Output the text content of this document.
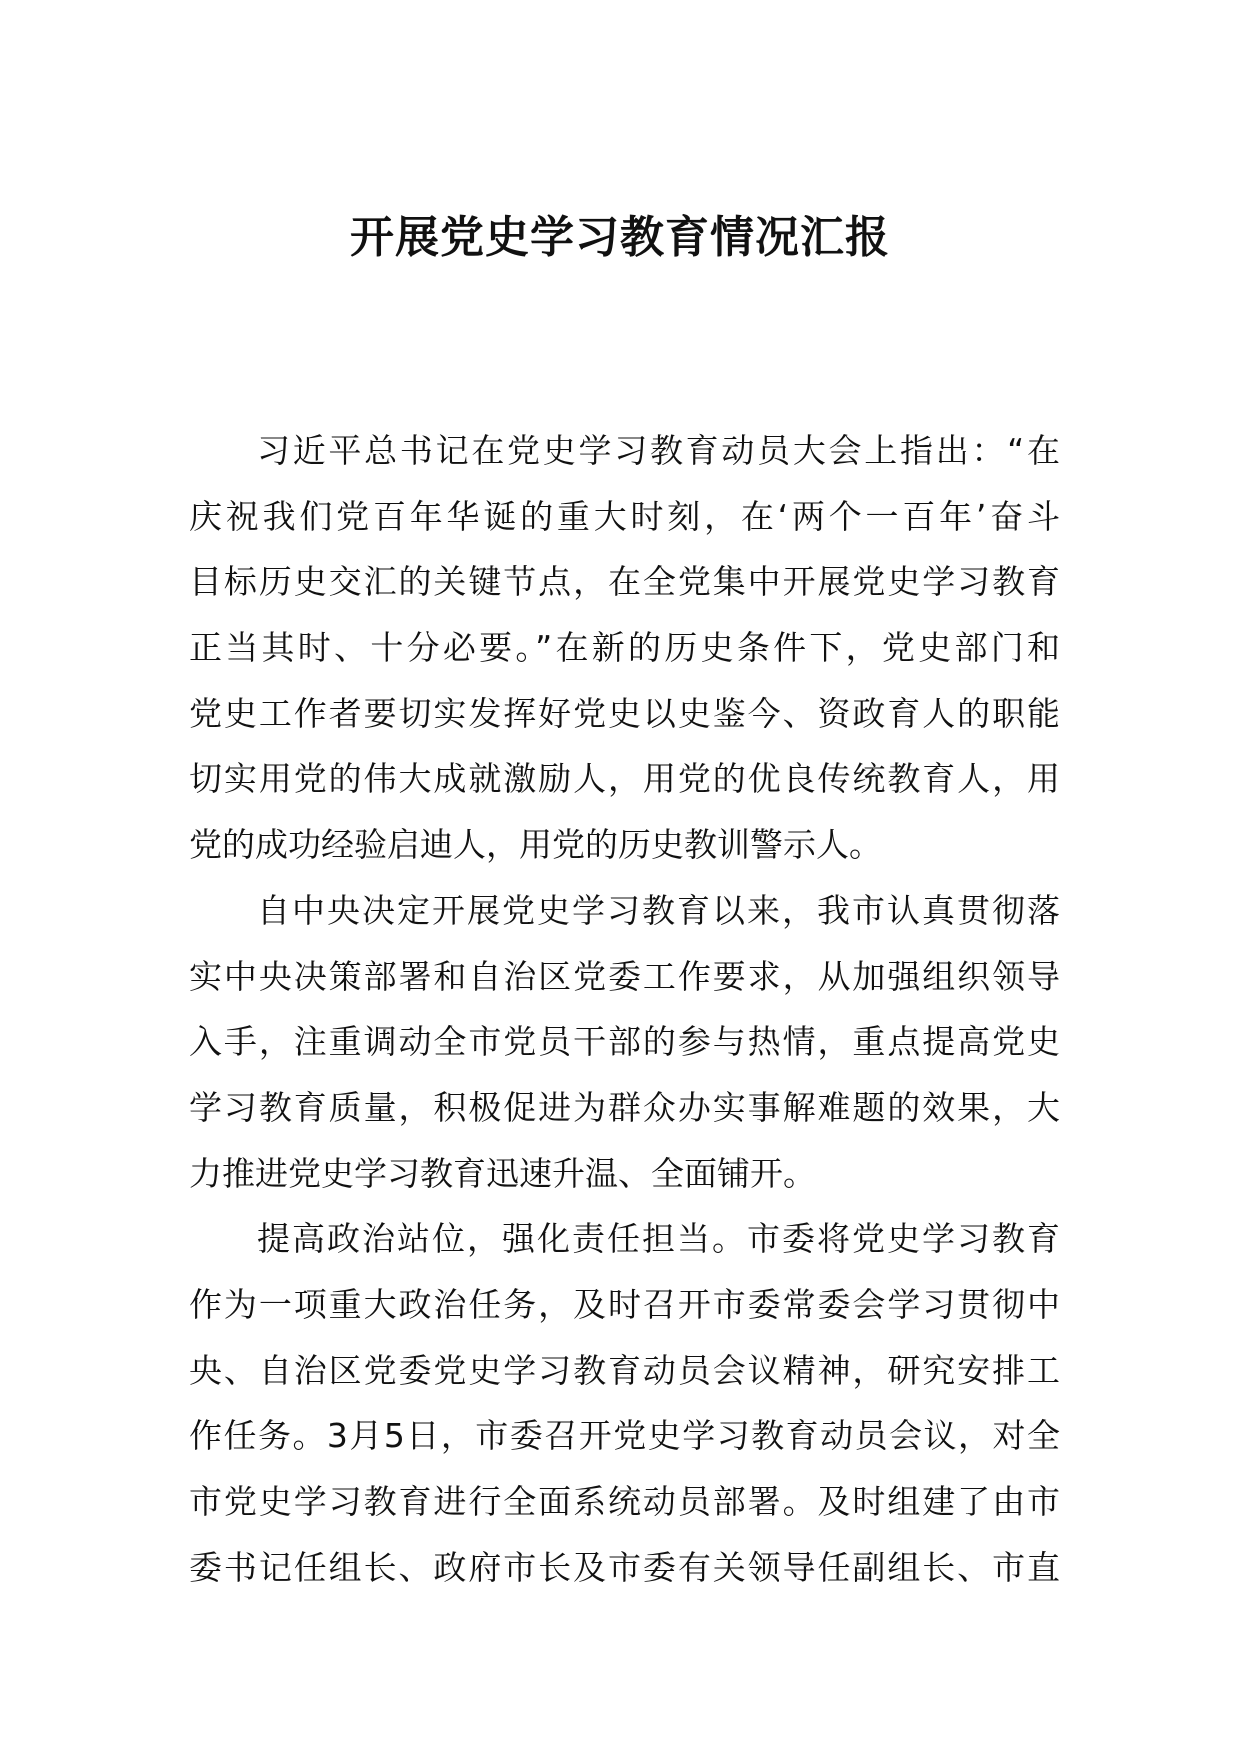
开展党史学习教育情况汇报
习近平总书记在党史学习教育动员大会上指出：“在
庆祝我们党百年华诞的重大时刻，在‘两个一百年’奋斗
目标历史交汇的关键节点，在全党集中开展党史学习教育
正当其时、十分必要。”在新的历史条件下，党史部门和
党史工作者要切实发挥好党史以史鉴今、资政育人的职能
切实用党的伟大成就激励人，用党的优良传统教育人，用
党的成功经验启迪人，用党的历史教训警示人。
自中央决定开展党史学习教育以来，我市认真贯彻落
实中央决策部署和自治区党委工作要求，从加强组织领导
入手，注重调动全市党员干部的参与热情，重点提高党史
学习教育质量，积极促进为群众办实事解难题的效果，大
力推进党史学习教育迅速升温、全面铺开。
提高政治站位，强化责任担当。市委将党史学习教育
作为一项重大政治任务，及时召开市委常委会学习贯彻中
央、自治区党委党史学习教育动员会议精神，研究安排工
作任务。3月5日，市委召开党史学习教育动员会议，对全
市党史学习教育进行全面系统动员部署。及时组建了由市
委书记任组长、政府市长及市委有关领导任副组长、市直
